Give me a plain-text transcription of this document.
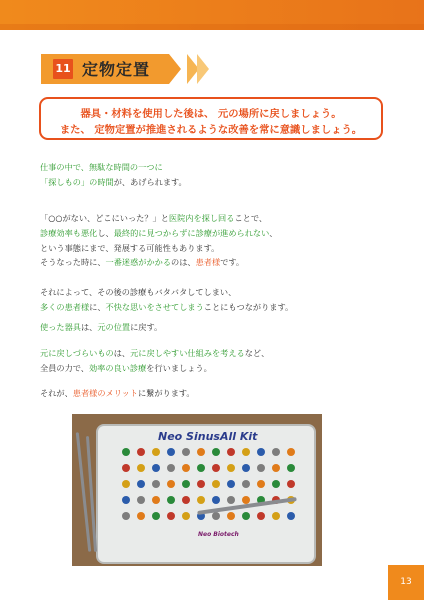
11 定物定置
器具・材料を使用した後は、 元の場所に戻しましょう。
また、 定物定置が推進されるような改善を常に意識しましょう。
仕事の中で、無駄な時間の一つに
「探しもの」の時間が、あげられます。
「○○がない、どこにいった？」と医院内を探し回ることで、
診療効率も悪化し、最終的に見つからずに診療が進められない、
という事態にまで、発展する可能性もあります。
そうなった時に、一番迷惑がかかるのは、患者様です。
それによって、その後の診療もバタバタしてしまい、
多くの患者様に、不快な思いをさせてしまうことにもつながります。
使った器具は、元の位置に戻す。
元に戻しづらいものは、元に戻しやすい仕組みを考えるなど、
全員の力で、効率の良い診療を行いましょう。
それが、患者様のメリットに繋がります。
Neo SinusAll Kit
Neo Biotech
13
